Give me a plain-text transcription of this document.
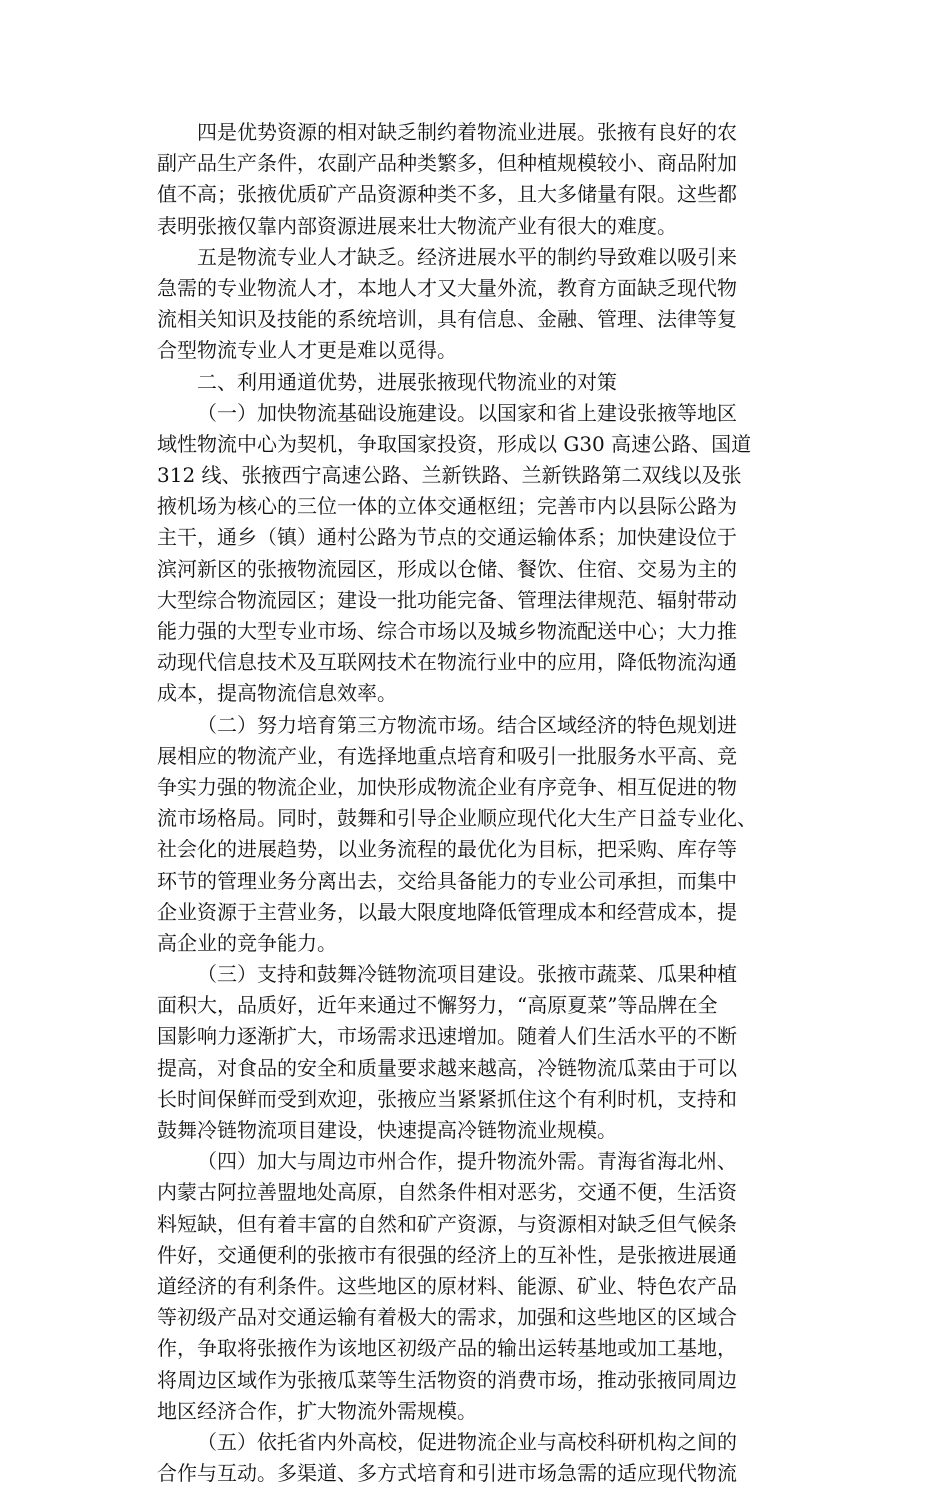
四是优势资源的相对缺乏制约着物流业进展。张掖有良好的农
副产品生产条件，农副产品种类繁多，但种植规模较小、商品附加
值不高；张掖优质矿产品资源种类不多，且大多储量有限。这些都
表明张掖仅靠内部资源进展来壮大物流产业有很大的难度。
五是物流专业人才缺乏。经济进展水平的制约导致难以吸引来
急需的专业物流人才，本地人才又大量外流，教育方面缺乏现代物
流相关知识及技能的系统培训，具有信息、金融、管理、法律等复
合型物流专业人才更是难以觅得。
二、利用通道优势，进展张掖现代物流业的对策
（一）加快物流基础设施建设。以国家和省上建设张掖等地区
域性物流中心为契机，争取国家投资，形成以 G30 高速公路、国道
312 线、张掖西宁高速公路、兰新铁路、兰新铁路第二双线以及张
掖机场为核心的三位一体的立体交通枢纽；完善市内以县际公路为
主干，通乡（镇）通村公路为节点的交通运输体系；加快建设位于
滨河新区的张掖物流园区，形成以仓储、餐饮、住宿、交易为主的
大型综合物流园区；建设一批功能完备、管理法律规范、辐射带动
能力强的大型专业市场、综合市场以及城乡物流配送中心；大力推
动现代信息技术及互联网技术在物流行业中的应用，降低物流沟通
成本，提高物流信息效率。
（二）努力培育第三方物流市场。结合区域经济的特色规划进
展相应的物流产业，有选择地重点培育和吸引一批服务水平高、竞
争实力强的物流企业，加快形成物流企业有序竞争、相互促进的物
流市场格局。同时，鼓舞和引导企业顺应现代化大生产日益专业化、
社会化的进展趋势，以业务流程的最优化为目标，把采购、库存等
环节的管理业务分离出去，交给具备能力的专业公司承担，而集中
企业资源于主营业务，以最大限度地降低管理成本和经营成本，提
高企业的竞争能力。
（三）支持和鼓舞冷链物流项目建设。张掖市蔬菜、瓜果种植
面积大，品质好，近年来通过不懈努力，“高原夏菜”等品牌在全
国影响力逐渐扩大，市场需求迅速增加。随着人们生活水平的不断
提高，对食品的安全和质量要求越来越高，冷链物流瓜菜由于可以
长时间保鲜而受到欢迎，张掖应当紧紧抓住这个有利时机，支持和
鼓舞冷链物流项目建设，快速提高冷链物流业规模。
（四）加大与周边市州合作，提升物流外需。青海省海北州、
内蒙古阿拉善盟地处高原，自然条件相对恶劣，交通不便，生活资
料短缺，但有着丰富的自然和矿产资源，与资源相对缺乏但气候条
件好，交通便利的张掖市有很强的经济上的互补性，是张掖进展通
道经济的有利条件。这些地区的原材料、能源、矿业、特色农产品
等初级产品对交通运输有着极大的需求，加强和这些地区的区域合
作，争取将张掖作为该地区初级产品的输出运转基地或加工基地，
将周边区域作为张掖瓜菜等生活物资的消费市场，推动张掖同周边
地区经济合作，扩大物流外需规模。
（五）依托省内外高校，促进物流企业与高校科研机构之间的
合作与互动。多渠道、多方式培育和引进市场急需的适应现代物流
